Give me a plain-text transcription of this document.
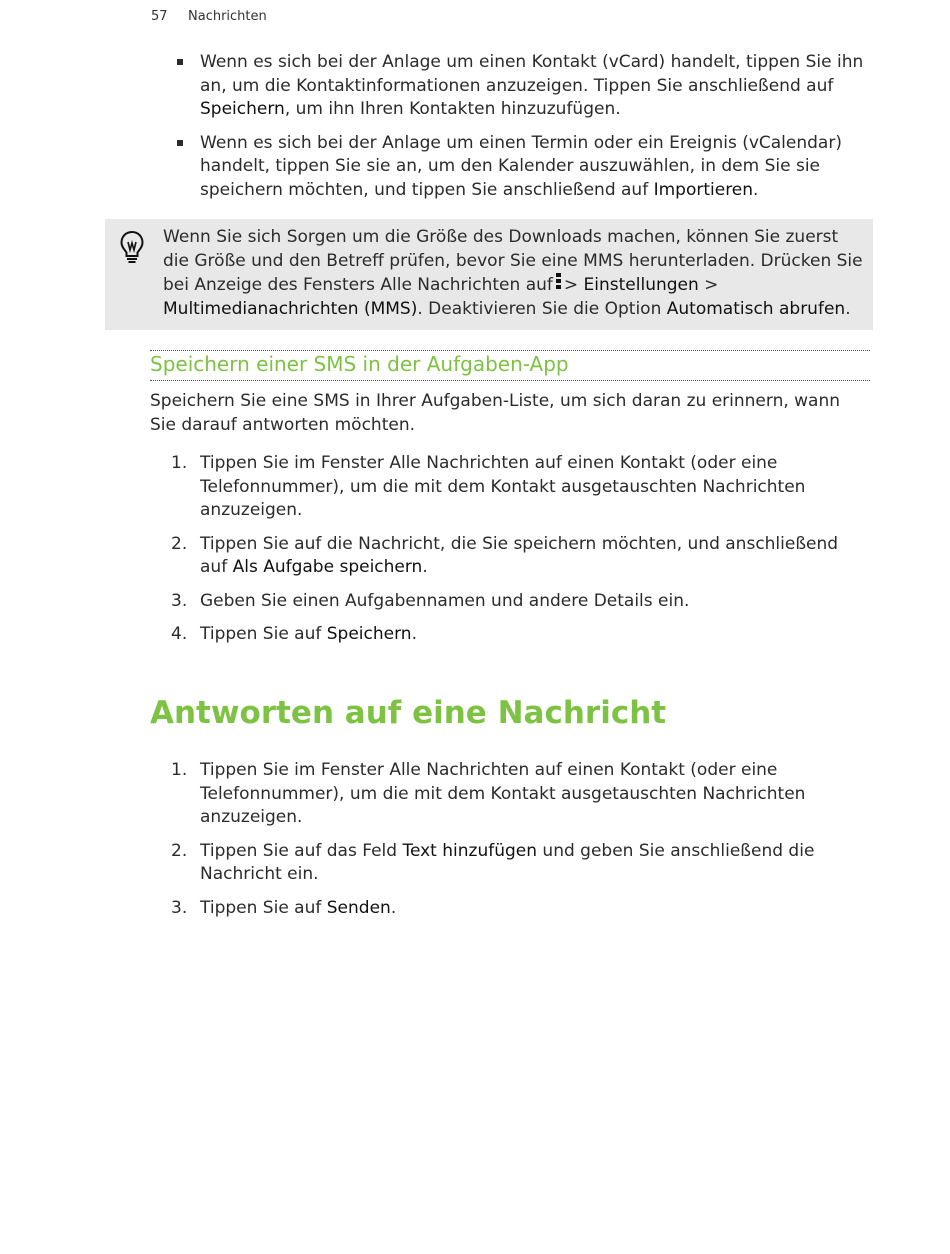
57 Nachrichten
Wenn es sich bei der Anlage um einen Kontakt (vCard) handelt, tippen Sie ihn an, um die Kontaktinformationen anzuzeigen. Tippen Sie anschließend auf Speichern, um ihn Ihren Kontakten hinzuzufügen.
Wenn es sich bei der Anlage um einen Termin oder ein Ereignis (vCalendar) handelt, tippen Sie sie an, um den Kalender auszuwählen, in dem Sie sie speichern möchten, und tippen Sie anschließend auf Importieren.
Wenn Sie sich Sorgen um die Größe des Downloads machen, können Sie zuerst die Größe und den Betreff prüfen, bevor Sie eine MMS herunterladen. Drücken Sie bei Anzeige des Fensters Alle Nachrichten auf > Einstellungen > Multimedianachrichten (MMS). Deaktivieren Sie die Option Automatisch abrufen.
Speichern einer SMS in der Aufgaben-App
Speichern Sie eine SMS in Ihrer Aufgaben-Liste, um sich daran zu erinnern, wann Sie darauf antworten möchten.
1. Tippen Sie im Fenster Alle Nachrichten auf einen Kontakt (oder eine Telefonnummer), um die mit dem Kontakt ausgetauschten Nachrichten anzuzeigen.
2. Tippen Sie auf die Nachricht, die Sie speichern möchten, und anschließend auf Als Aufgabe speichern.
3. Geben Sie einen Aufgabennamen und andere Details ein.
4. Tippen Sie auf Speichern.
Antworten auf eine Nachricht
1. Tippen Sie im Fenster Alle Nachrichten auf einen Kontakt (oder eine Telefonnummer), um die mit dem Kontakt ausgetauschten Nachrichten anzuzeigen.
2. Tippen Sie auf das Feld Text hinzufügen und geben Sie anschließend die Nachricht ein.
3. Tippen Sie auf Senden.
